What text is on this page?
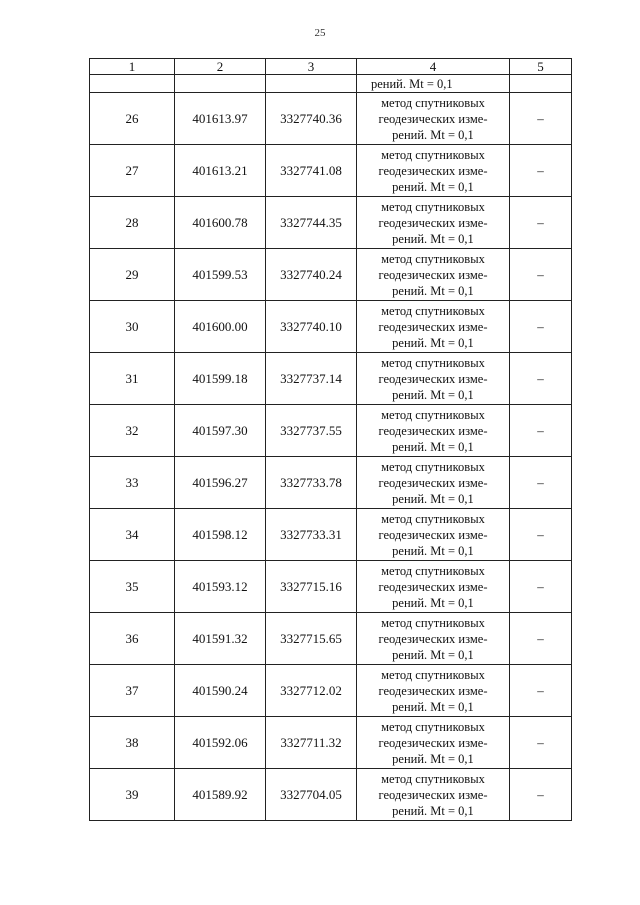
25
1	2	3	4	5
			рений. Mt = 0,1	
26	401613.97	3327740.36	метод спутниковых
геодезических изме-
рений. Mt = 0,1	–
27	401613.21	3327741.08	метод спутниковых
геодезических изме-
рений. Mt = 0,1	–
28	401600.78	3327744.35	метод спутниковых
геодезических изме-
рений. Mt = 0,1	–
29	401599.53	3327740.24	метод спутниковых
геодезических изме-
рений. Mt = 0,1	–
30	401600.00	3327740.10	метод спутниковых
геодезических изме-
рений. Mt = 0,1	–
31	401599.18	3327737.14	метод спутниковых
геодезических изме-
рений. Mt = 0,1	–
32	401597.30	3327737.55	метод спутниковых
геодезических изме-
рений. Mt = 0,1	–
33	401596.27	3327733.78	метод спутниковых
геодезических изме-
рений. Mt = 0,1	–
34	401598.12	3327733.31	метод спутниковых
геодезических изме-
рений. Mt = 0,1	–
35	401593.12	3327715.16	метод спутниковых
геодезических изме-
рений. Mt = 0,1	–
36	401591.32	3327715.65	метод спутниковых
геодезических изме-
рений. Mt = 0,1	–
37	401590.24	3327712.02	метод спутниковых
геодезических изме-
рений. Mt = 0,1	–
38	401592.06	3327711.32	метод спутниковых
геодезических изме-
рений. Mt = 0,1	–
39	401589.92	3327704.05	метод спутниковых
геодезических изме-
рений. Mt = 0,1	–
